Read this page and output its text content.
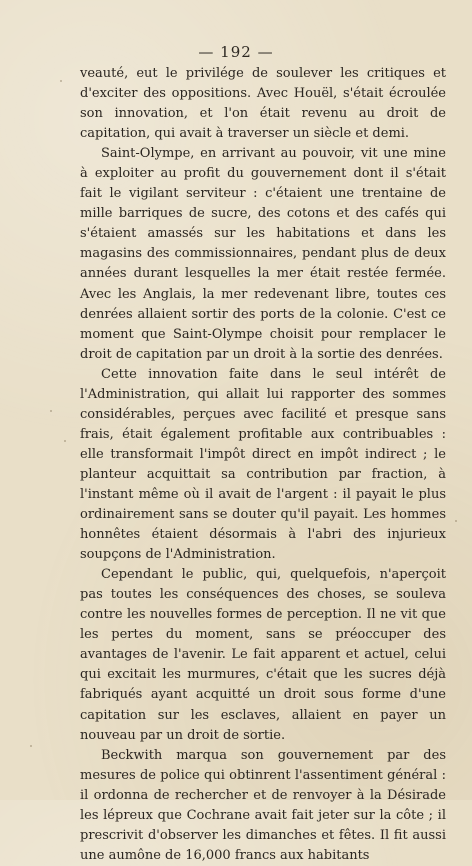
— 192 —

veauté, eut le privilége de soulever les critiques et d'exciter des oppositions. Avec Houël, s'était écroulée son innovation, et l'on était revenu au droit de capitation, qui avait à traverser un siècle et demi.

Saint-Olympe, en arrivant au pouvoir, vit une mine à exploiter au profit du gouvernement dont il s'était fait le vigilant serviteur : c'étaient une trentaine de mille barriques de sucre, des cotons et des cafés qui s'étaient amassés sur les habitations et dans les magasins des commissionnaires, pendant plus de deux années durant lesquelles la mer était restée fermée. Avec les Anglais, la mer redevenant libre, toutes ces denrées allaient sortir des ports de la colonie. C'est ce moment que Saint-Olympe choisit pour remplacer le droit de capitation par un droit à la sortie des denrées.

Cette innovation faite dans le seul intérêt de l'Administration, qui allait lui rapporter des sommes considérables, perçues avec facilité et presque sans frais, était également profitable aux contribuables : elle transformait l'impôt direct en impôt indirect ; le planteur acquittait sa contribution par fraction, à l'instant même où il avait de l'argent : il payait le plus ordinairement sans se douter qu'il payait. Les hommes honnêtes étaient désormais à l'abri des injurieux soupçons de l'Administration.

Cependant le public, qui, quelquefois, n'aperçoit pas toutes les conséquences des choses, se souleva contre les nouvelles formes de perception. Il ne vit que les pertes du moment, sans se préoccuper des avantages de l'avenir. Le fait apparent et actuel, celui qui excitait les murmures, c'était que les sucres déjà fabriqués ayant acquitté un droit sous forme d'une capitation sur les esclaves, allaient en payer un nouveau par un droit de sortie.

Beckwith marqua son gouvernement par des mesures de police qui obtinrent l'assentiment général : il ordonna de rechercher et de renvoyer à la Désirade les lépreux que Cochrane avait fait jeter sur la côte ; il prescrivit d'observer les dimanches et fêtes. Il fit aussi une aumône de 16,000 francs aux habitants
